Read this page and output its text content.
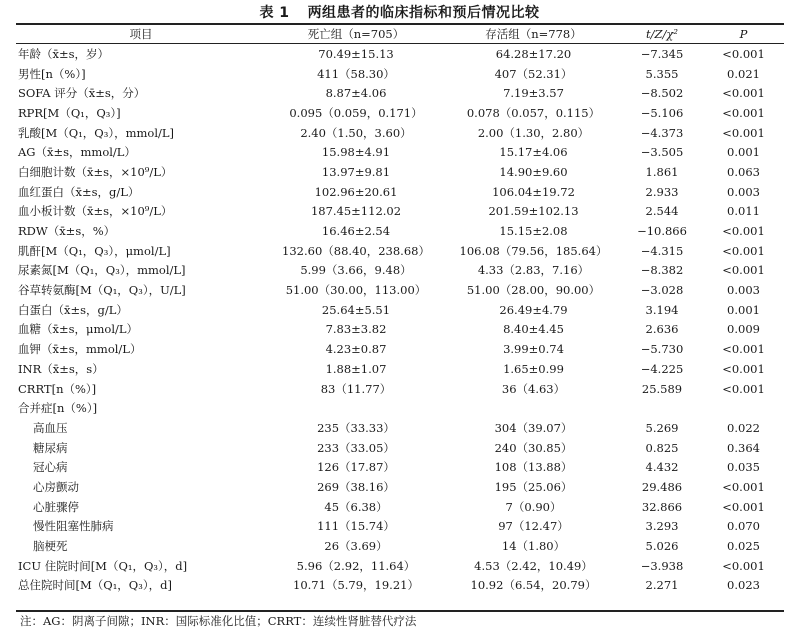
表 1 两组患者的临床指标和预后情况比较
项目	死亡组（n=705）	存活组（n=778）	t/Z/χ²	P
年龄（x̄±s，岁）	70.49±15.13	64.28±17.20	−7.345	<0.001
男性[n（%）]	411（58.30）	407（52.31）	5.355	0.021
SOFA 评分（x̄±s，分）	8.87±4.06	7.19±3.57	−8.502	<0.001
RPR[M（Q₁，Q₃）]	0.095（0.059，0.171）	0.078（0.057，0.115）	−5.106	<0.001
乳酸[M（Q₁，Q₃），mmol/L]	2.40（1.50，3.60）	2.00（1.30，2.80）	−4.373	<0.001
AG（x̄±s，mmol/L）	15.98±4.91	15.17±4.06	−3.505	0.001
白细胞计数（x̄±s，×10⁹/L）	13.97±9.81	14.90±9.60	1.861	0.063
血红蛋白（x̄±s，g/L）	102.96±20.61	106.04±19.72	2.933	0.003
血小板计数（x̄±s，×10⁹/L）	187.45±112.02	201.59±102.13	2.544	0.011
RDW（x̄±s，%）	16.46±2.54	15.15±2.08	−10.866	<0.001
肌酐[M（Q₁，Q₃），μmol/L]	132.60（88.40，238.68）	106.08（79.56，185.64）	−4.315	<0.001
尿素氮[M（Q₁，Q₃），mmol/L]	5.99（3.66，9.48）	4.33（2.83，7.16）	−8.382	<0.001
谷草转氨酶[M（Q₁，Q₃），U/L]	51.00（30.00，113.00）	51.00（28.00，90.00）	−3.028	0.003
白蛋白（x̄±s，g/L）	25.64±5.51	26.49±4.79	3.194	0.001
血糖（x̄±s，μmol/L）	7.83±3.82	8.40±4.45	2.636	0.009
血钾（x̄±s，mmol/L）	4.23±0.87	3.99±0.74	−5.730	<0.001
INR（x̄±s，s）	1.88±1.07	1.65±0.99	−4.225	<0.001
CRRT[n（%）]	83（11.77）	36（4.63）	25.589	<0.001
合并症[n（%）]
高血压	235（33.33）	304（39.07）	5.269	0.022
糖尿病	233（33.05）	240（30.85）	0.825	0.364
冠心病	126（17.87）	108（13.88）	4.432	0.035
心房颤动	269（38.16）	195（25.06）	29.486	<0.001
心脏骤停	45（6.38）	7（0.90）	32.866	<0.001
慢性阻塞性肺病	111（15.74）	97（12.47）	3.293	0.070
脑梗死	26（3.69）	14（1.80）	5.026	0.025
ICU 住院时间[M（Q₁，Q₃），d]	5.96（2.92，11.64）	4.53（2.42，10.49）	−3.938	<0.001
总住院时间[M（Q₁，Q₃），d]	10.71（5.79，19.21）	10.92（6.54，20.79）	2.271	0.023
注：AG：阴离子间隙；INR：国际标准化比值；CRRT：连续性肾脏替代疗法
